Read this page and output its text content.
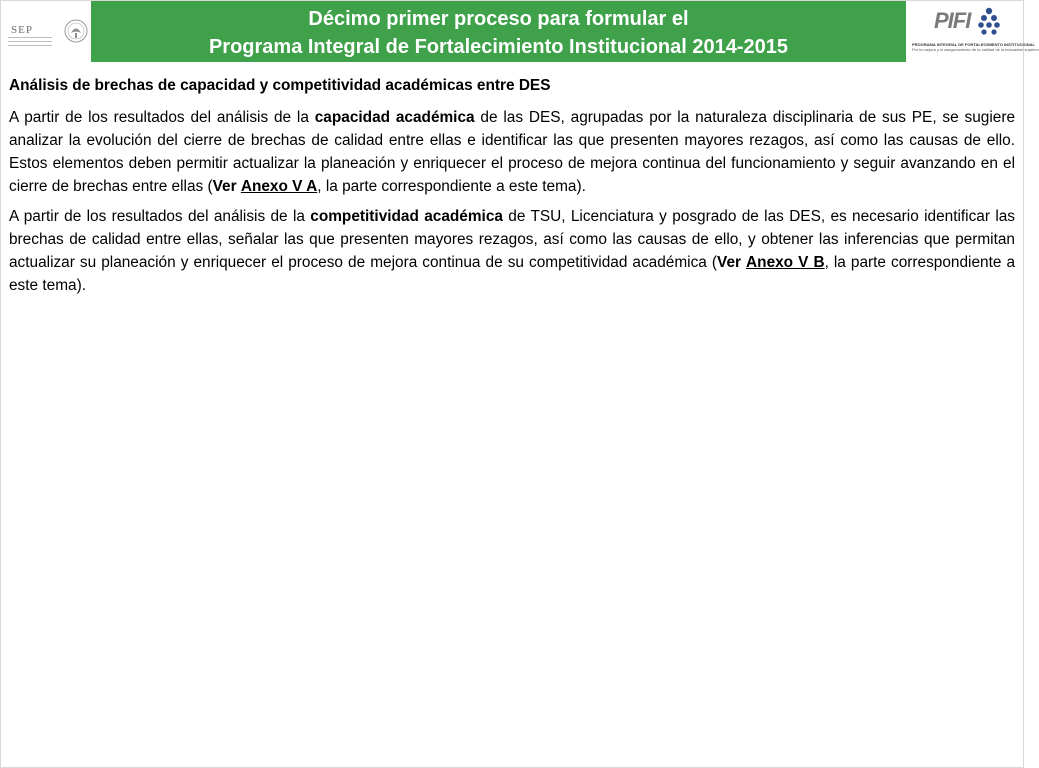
SEP	Décimo primer proceso para formular el
Programa Integral de Fortalecimiento Institucional 2014-2015
PIFI
PROGRAMA INTEGRAL DE FORTALECIMIENTO INSTITUCIONAL
Por la mejora y el aseguramiento de la calidad de la educación superior

Análisis de brechas de capacidad y competitividad académicas entre DES

A partir de los resultados del análisis de la capacidad académica de las DES, agrupadas por la naturaleza disciplinaria de sus PE, se sugiere analizar la evolución del cierre de brechas de calidad entre ellas e identificar las que presenten mayores rezagos, así como las causas de ello. Estos elementos deben permitir actualizar la planeación y enriquecer el proceso de mejora continua del funcionamiento y seguir avanzando en el cierre de brechas entre ellas (Ver Anexo V A, la parte correspondiente a este tema).

A partir de los resultados del análisis de la competitividad académica de TSU, Licenciatura y posgrado de las DES, es necesario identificar las brechas de calidad entre ellas, señalar las que presenten mayores rezagos, así como las causas de ello, y obtener las inferencias que permitan actualizar su planeación y enriquecer el proceso de mejora continua de su competitividad académica (Ver Anexo V B, la parte correspondiente a este tema).
